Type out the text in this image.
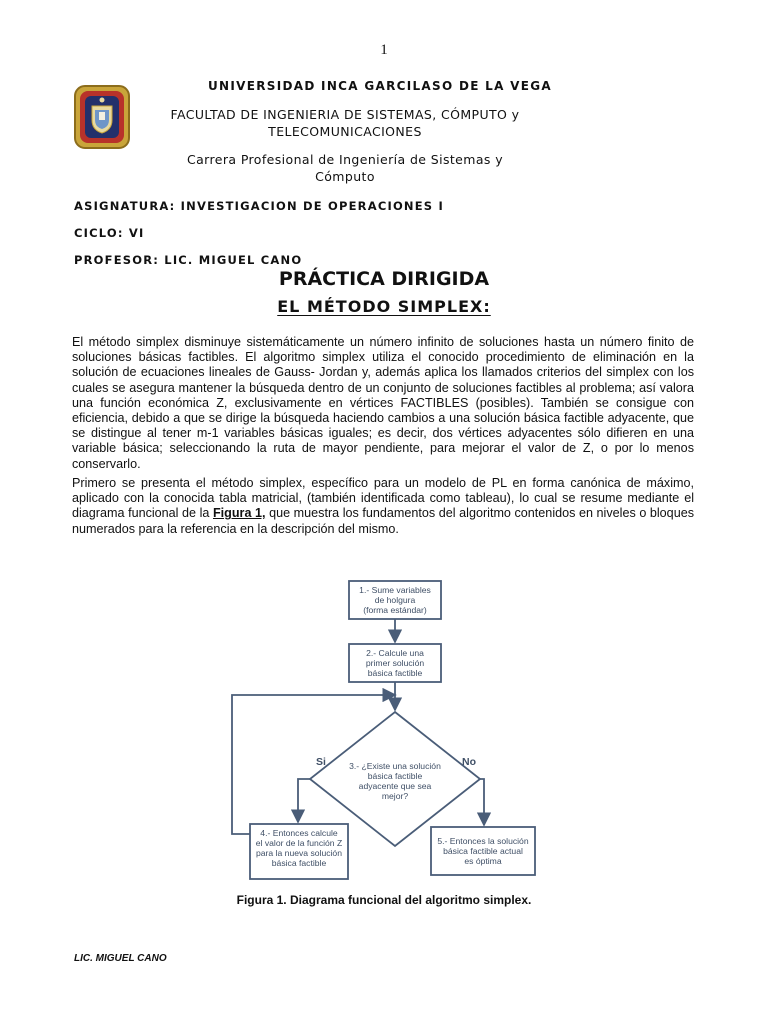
1
UNIVERSIDAD INCA GARCILASO DE LA VEGA
FACULTAD DE INGENIERIA DE SISTEMAS, CÓMPUTO y
TELECOMUNICACIONES
Carrera Profesional de Ingeniería de Sistemas y
Cómputo
ASIGNATURA: INVESTIGACION DE OPERACIONES I
CICLO: VI
PROFESOR: LIC. MIGUEL CANO
PRÁCTICA DIRIGIDA
EL MÉTODO SIMPLEX:
El método simplex disminuye sistemáticamente un número infinito de soluciones hasta un número finito de soluciones básicas factibles. El algoritmo simplex utiliza el conocido procedimiento de eliminación en la solución de ecuaciones lineales de Gauss- Jordan y, además aplica los llamados criterios del simplex con los cuales se asegura mantener la búsqueda dentro de un conjunto de soluciones factibles al problema; así valora una función económica Z, exclusivamente en vértices FACTIBLES (posibles). También se consigue con eficiencia, debido a que se dirige la búsqueda haciendo cambios a una solución básica factible adyacente, que se distingue al tener m-1 variables básicas iguales; es decir, dos vértices adyacentes sólo difieren en una variable básica; seleccionando la ruta de mayor pendiente, para mejorar el valor de Z, o por lo menos conservarlo.
Primero se presenta el método simplex, específico para un modelo de PL en forma canónica de máximo, aplicado con la conocida tabla matricial, (también identificada como tableau), lo cual se resume mediante el diagrama funcional de la Figura 1, que muestra los fundamentos del algoritmo contenidos en niveles o bloques numerados para la referencia en la descripción del mismo.
1.- Sume variables
de holgura
(forma estándar)
2.- Calcule una
primer solución
básica factible
3.- ¿Existe una solución
básica factible
adyacente que sea
mejor?
4.- Entonces calcule
el valor de la función Z
para la nueva solución
básica factible
5.- Entonces la solución
básica factible actual
es óptima
Si	No
Figura 1. Diagrama funcional del algoritmo simplex.
LIC. MIGUEL CANO
